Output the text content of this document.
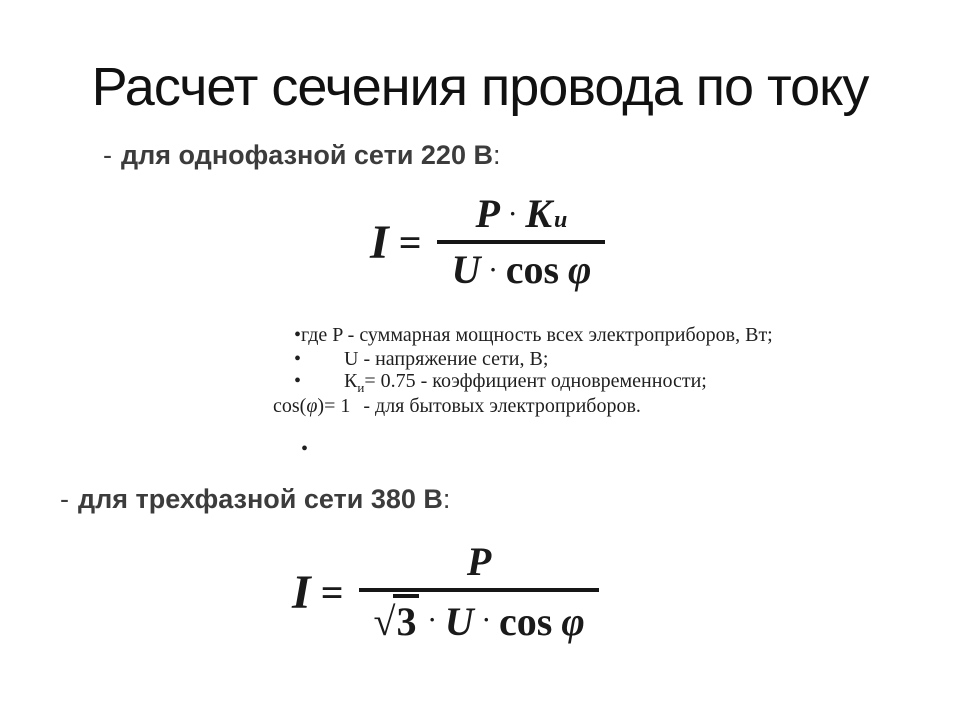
Расчет сечения провода по току
- для однофазной сети 220 В:
$I = \frac{\text{P · K и}}{\text{U · cos φ}}$
•где P - суммарная мощность всех электроприборов, Вт;
• U - напряжение сети, В;
• $К_и= 0.75$ - коэффициент одновременности;
cos(φ)= 1 - для бытовых электроприборов.
•
- для трехфазной сети 380 В:
$I = \frac{P}{\text{√ 3 · U · cos φ}}$
